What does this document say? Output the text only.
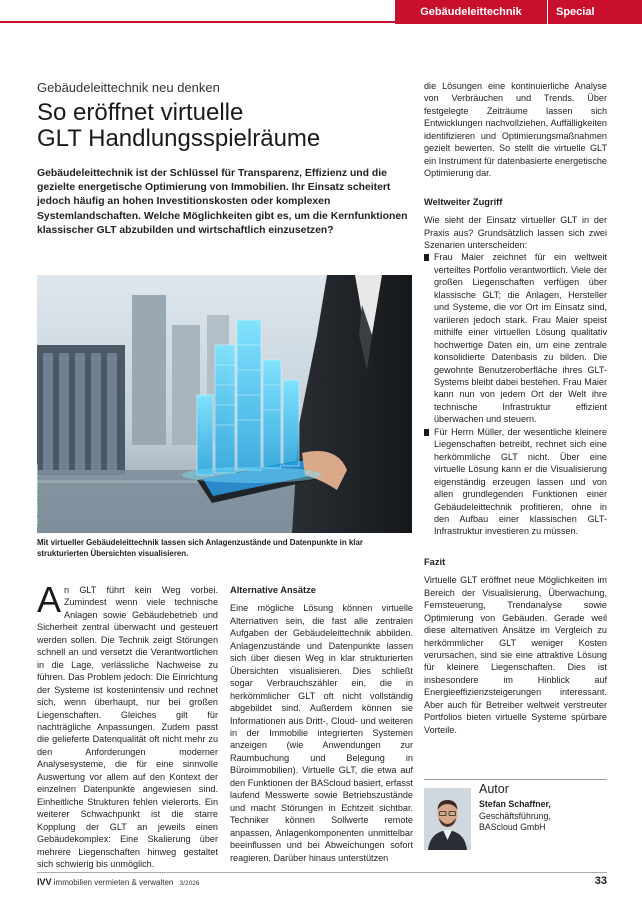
Gebäudeleittechnik	Special
Gebäudeleittechnik neu denken
So eröffnet virtuelle
GLT Handlungsspielräume

Gebäudeleittechnik ist der Schlüssel für Transparenz, Effizienz und die gezielte energetische Optimierung von Immobilien. Ihr Einsatz scheitert jedoch häufig an hohen Investitionskosten oder komplexen Systemlandschaften. Welche Möglichkeiten gibt es, um die Kernfunktionen klassischer GLT abzubilden und wirtschaftlich einzusetzen?

Foto: ©SMARTSTOCK/ADOBE

Mit virtueller Gebäudeleittechnik lassen sich Anlagenzustände und Datenpunkte in klar strukturierten Übersichten visualisieren.

An GLT führt kein Weg vorbei. Zumindest wenn viele technische Anlagen sowie Gebäudebetrieb und Sicherheit zentral überwacht und gesteuert werden sollen. Die Technik zeigt Störungen schnell an und versetzt die Verantwortlichen in die Lage, verlässliche Nachweise zu führen. Das Problem jedoch: Die Einrichtung der Systeme ist kostenintensiv und rechnet sich, wenn überhaupt, nur bei großen Liegenschaften. Gleiches gilt für nachträgliche Anpassungen. Zudem passt die gelieferte Datenqualität oft nicht mehr zu den Anforderungen moderner Analysesysteme, die für eine sinnvolle Auswertung vor allem auf den Kontext der einzelnen Datenpunkte angewiesen sind. Einheitliche Strukturen fehlen vielerorts. Ein weiterer Schwachpunkt ist die starre Kopplung der GLT an jeweils einen Gebäudekomplex: Eine Skalierung über mehrere Liegenschaften hinweg gestaltet sich schwierig bis unmöglich.

Alternative Ansätze

Eine mögliche Lösung können virtuelle Alternativen sein, die fast alle zentralen Aufgaben der Gebäudeleittechnik abbilden. Anlagenzustände und Datenpunkte lassen sich über diesen Weg in klar strukturierten Übersichten visualisieren. Dies schließt sogar Verbrauchszähler ein, die in herkömmlicher GLT oft nicht vollständig abgebildet sind. Außerdem können sie Informationen aus Dritt-, Cloud- und weiteren in der Immobilie integrierten Systemen anzeigen (wie Anwendungen zur Raumbuchung und Belegung in Büroimmobilien). Virtuelle GLT, die etwa auf den Funktionen der BAScloud basiert, erfasst laufend Messwerte sowie Betriebszustände und macht Störungen in Echtzeit sichtbar. Techniker können Sollwerte remote anpassen, Anlagenkomponenten unmittelbar beeinflussen und bei Abweichungen sofort reagieren. Darüber hinaus unterstützen

die Lösungen eine kontinuierliche Analyse von Verbräuchen und Trends. Über festgelegte Zeiträume lassen sich Entwicklungen nachvollziehen, Auffälligkeiten identifizieren und Optimierungsmaßnahmen gezielt bewerten. So stellt die virtuelle GLT ein Instrument für datenbasierte energetische Optimierung dar.

Weltweiter Zugriff

Wie sieht der Einsatz virtueller GLT in der Praxis aus? Grundsätzlich lassen sich zwei Szenarien unterscheiden:

Frau Maier zeichnet für ein weltweit verteiltes Portfolio verantwortlich. Viele der großen Liegenschaften verfügen über klassische GLT; die Anlagen, Hersteller und Systeme, die vor Ort im Einsatz sind, variieren jedoch stark. Frau Maier speist mithilfe einer virtuellen Lösung qualitativ hochwertige Daten ein, um eine zentrale konsolidierte Datenbasis zu bilden. Die gewohnte Benutzeroberfläche ihres GLT-Systems bleibt dabei bestehen. Frau Maier kann nun von jedem Ort der Welt ihre technische Infrastruktur effizient überwachen und steuern.

Für Herrn Müller, der wesentliche kleinere Liegenschaften betreibt, rechnet sich eine herkömmliche GLT nicht. Über eine virtuelle Lösung kann er die Visualisierung eigenständig erzeugen lassen und von allen grundlegenden Funktionen einer Gebäudeleittechnik profitieren, ohne in den Aufbau einer klassischen GLT-Infrastruktur investieren zu müssen.

Fazit

Virtuelle GLT eröffnet neue Möglichkeiten im Bereich der Visualisierung, Überwachung, Fernsteuerung, Trendanalyse sowie Optimierung von Gebäuden. Gerade weil diese alternativen Ansätze im Vergleich zu herkömmlicher GLT weniger Kosten verursachen, sind sie eine attraktive Lösung für kleinere Liegenschaften. Dies ist insbesondere im Hinblick auf Energieeffizienzsteigerungen interessant. Aber auch für Betreiber weltweit verstreuter Portfolios bieten virtuelle Systeme spürbare Vorteile.

Autor
Stefan Schaffner,
Geschäftsführung,
BAScloud GmbH
IVV immobilien vermieten & verwalten 3/2026	33
